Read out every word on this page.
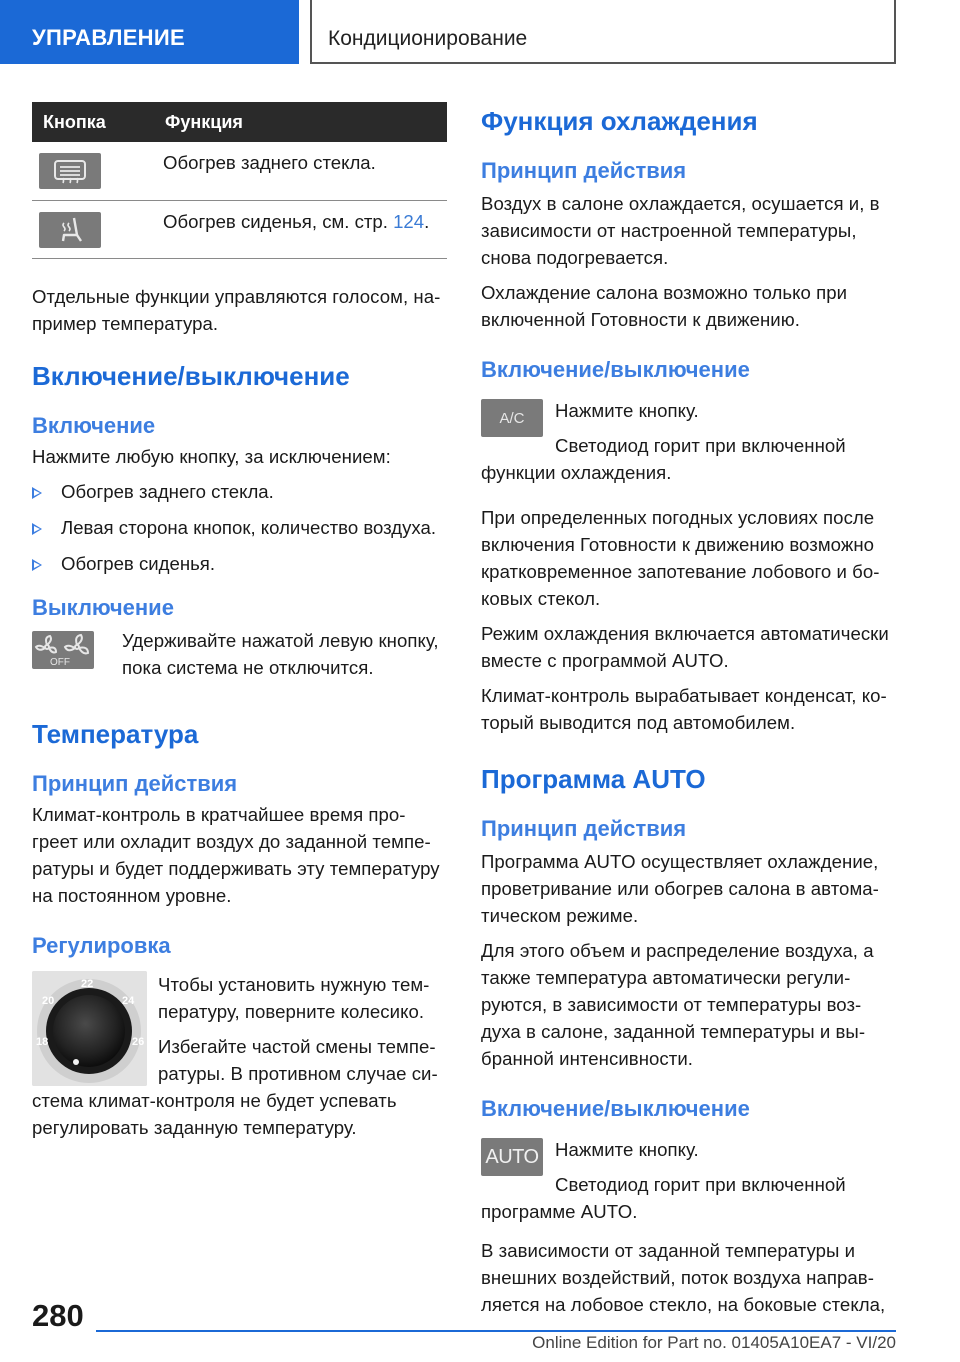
УПРАВЛЕНИЕ	Кондиционирование
Кнопка	Функция

	Обогрев заднего стекла.

	Обогрев сиденья, см. стр. 124.

Отдельные функции управляются голосом, на-пример температура.

Включение/выключение
Включение

Нажмите любую кнопку, за исключением:

Обогрев заднего стекла.
Левая сторона кнопок, количество воздуха.
Обогрев сиденья.
Выключение
OFF

Удерживайте нажатой левую кнопку, пока система не отключится.

Температура
Принцип действия

Климат-контроль в кратчайшее время про-греет или охладит воздух до заданной темпе-ратуры и будет поддерживать эту температуру на постоянном уровне.

Регулировка
18
20
22
24
26

Чтобы установить нужную тем-пературу, поверните колесико.

Избегайте частой смены темпе-ратуры. В противном случае си-стема климат-контроля не будет успевать регулировать заданную температуру.

Функция охлаждения
Принцип действия

Воздух в салоне охлаждается, осушается и, в зависимости от настроенной температуры, снова подогревается.

Охлаждение салона возможно только при включенной Готовности к движению.

Включение/выключение
A/C	Нажмите кнопку.

Светодиод горит при включенной функции охлаждения.

При определенных погодных условиях после включения Готовности к движению возможно кратковременное запотевание лобового и бо-ковых стекол.

Режим охлаждения включается автоматически вместе с программой AUTO.

Климат-контроль вырабатывает конденсат, ко-торый выводится под автомобилем.

Программа AUTO
Принцип действия

Программа AUTO осуществляет охлаждение, проветривание или обогрев салона в автома-тическом режиме.

Для этого объем и распределение воздуха, а также температура автоматически регули-руются, в зависимости от температуры воз-духа в салоне, заданной температуры и вы-бранной интенсивности.

Включение/выключение
AUTO Нажмите кнопку.

Светодиод горит при включенной программе AUTO.

В зависимости от заданной температуры и внешних воздействий, поток воздуха направ-ляется на лобовое стекло, на боковые стекла,

280
Online Edition for Part no. 01405A10EA7 - VI/20
